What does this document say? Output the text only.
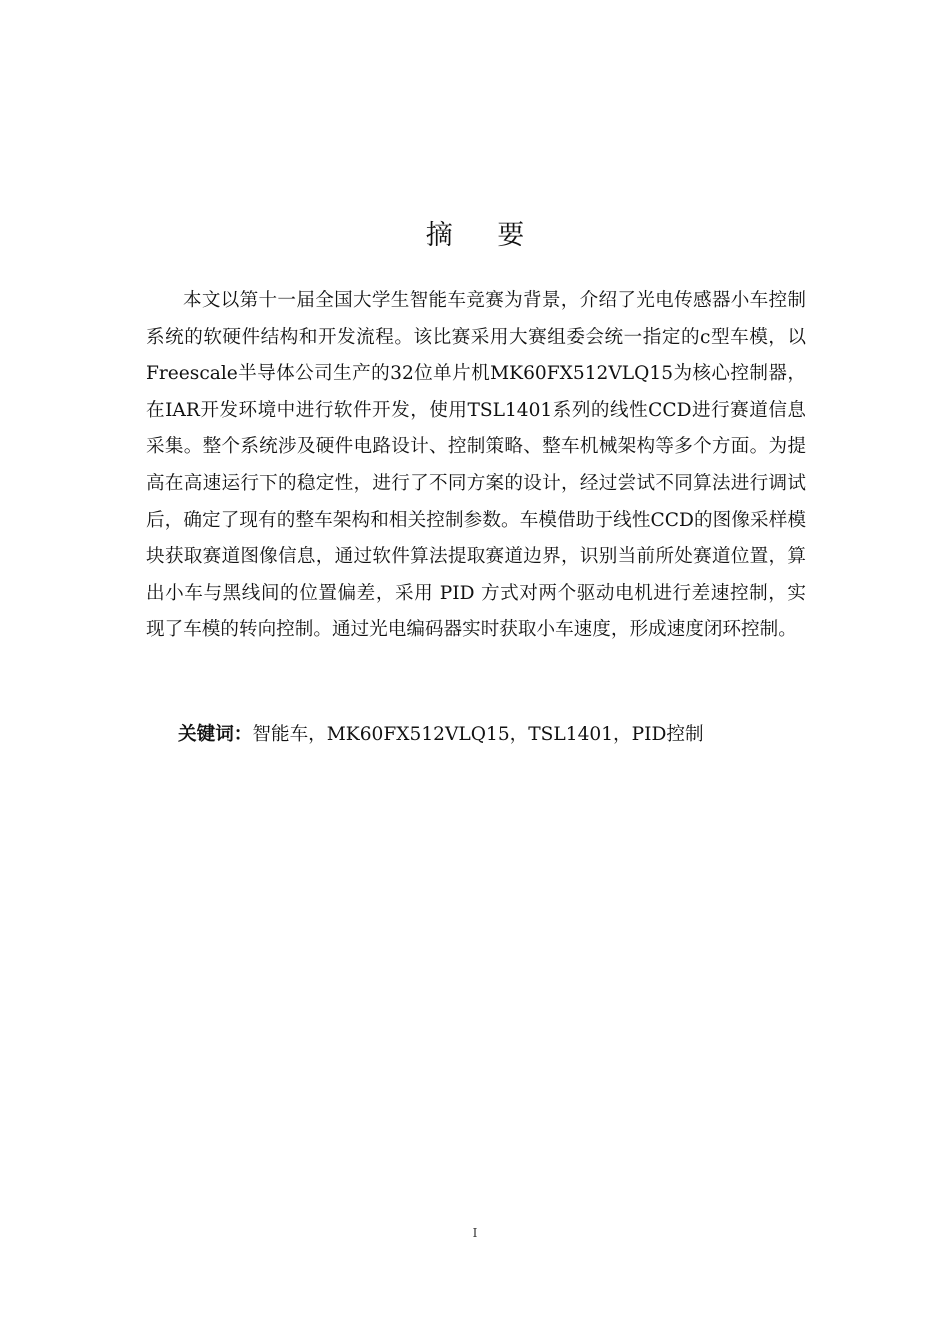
摘 要

本文以第十一届全国大学生智能车竞赛为背景，介绍了光电传感器小车控制系统的软硬件结构和开发流程。该比赛采用大赛组委会统一指定的c型车模，以Freescale半导体公司生产的32位单片机MK60FX512VLQ15为核心控制器，在IAR开发环境中进行软件开发，使用TSL1401系列的线性CCD进行赛道信息采集。整个系统涉及硬件电路设计、控制策略、整车机械架构等多个方面。为提高在高速运行下的稳定性，进行了不同方案的设计，经过尝试不同算法进行调试后，确定了现有的整车架构和相关控制参数。车模借助于线性CCD的图像采样模块获取赛道图像信息，通过软件算法提取赛道边界，识别当前所处赛道位置，算出小车与黑线间的位置偏差，采用 PID 方式对两个驱动电机进行差速控制，实现了车模的转向控制。通过光电编码器实时获取小车速度，形成速度闭环控制。

关键词：智能车，MK60FX512VLQ15，TSL1401，PID控制

I
